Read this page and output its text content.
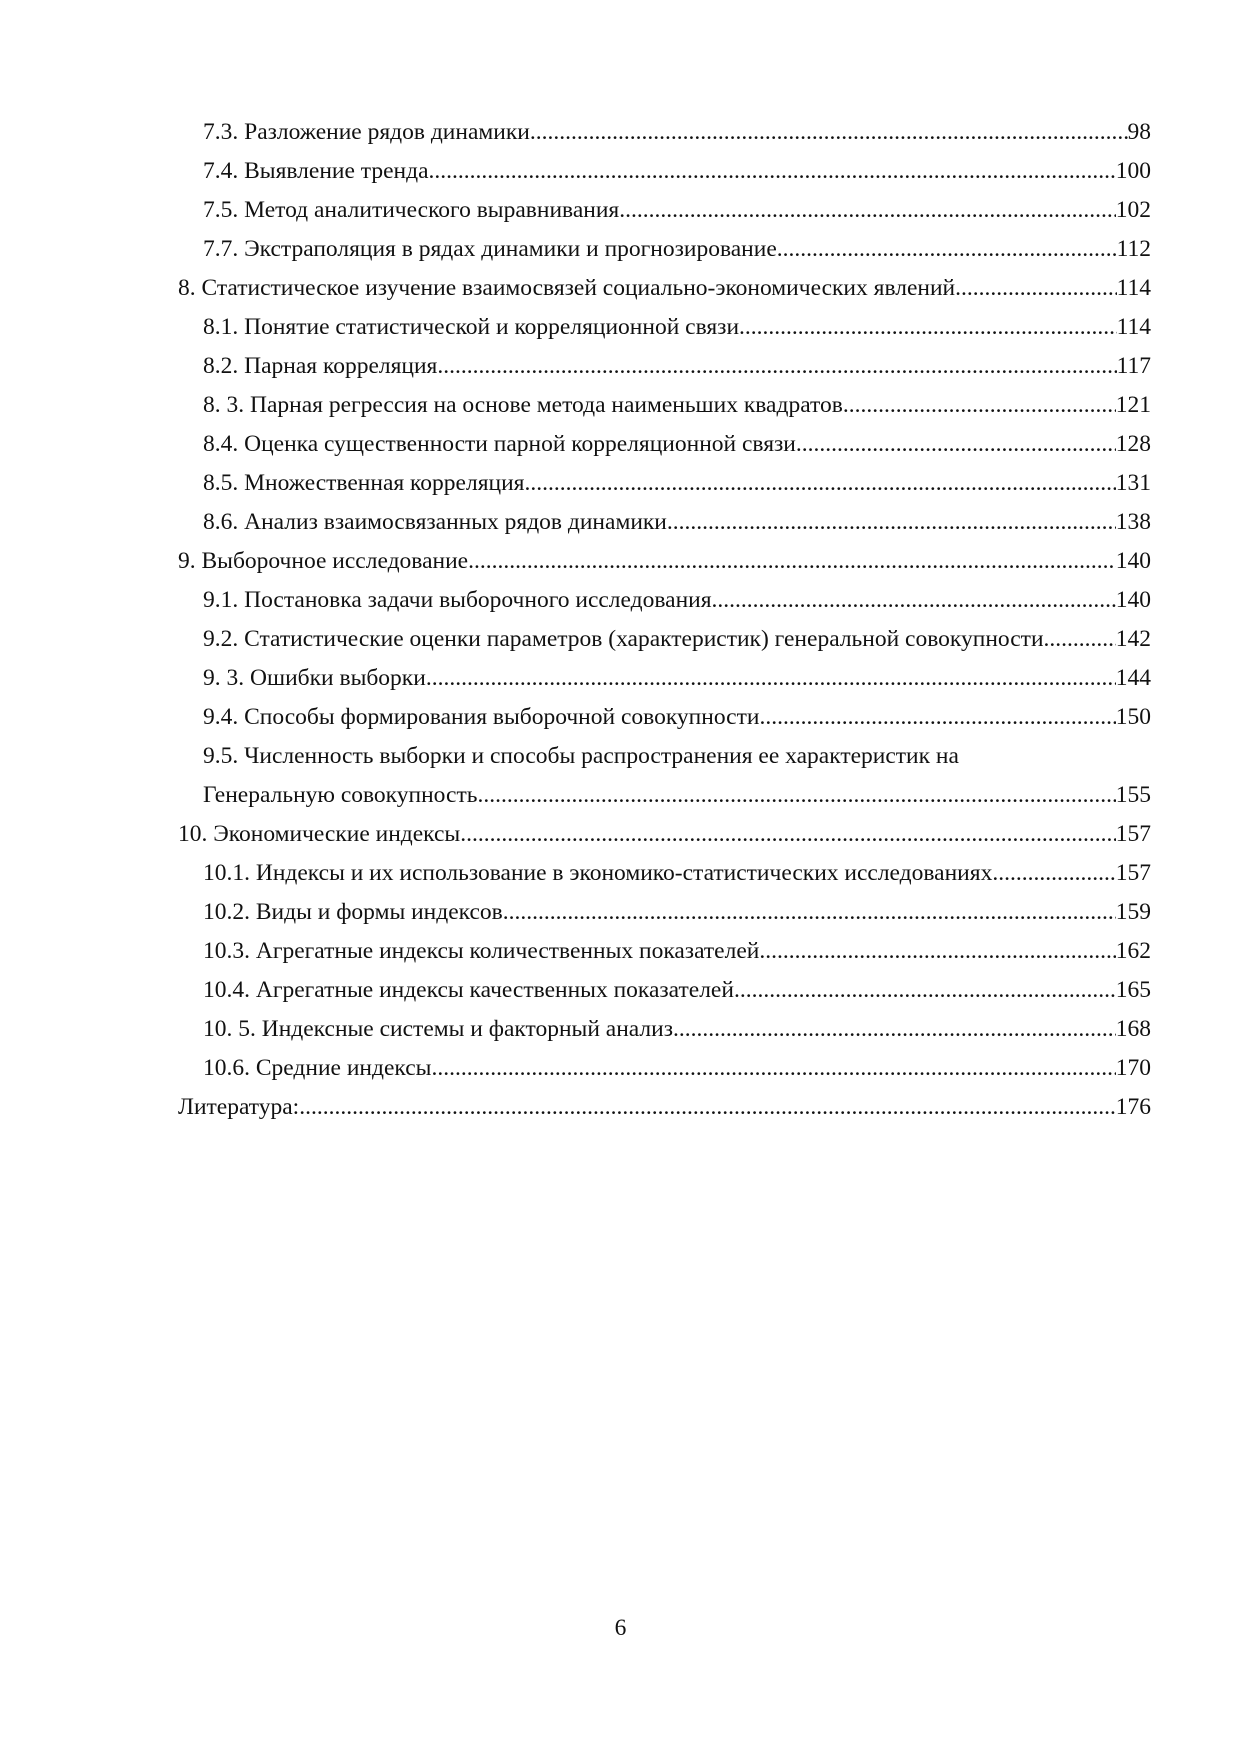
7.3. Разложение рядов динамики .....	98
7.4. Выявление тренда .....	100
7.5. Метод аналитического выравнивания .....	102
7.7. Экстраполяция в рядах динамики и прогнозирование .....	112
8. Статистическое изучение взаимосвязей социально-экономических явлений .....	114
8.1. Понятие статистической и корреляционной связи .....	114
8.2. Парная корреляция .....	117
8. 3. Парная регрессия на основе метода наименьших квадратов .....	121
8.4. Оценка существенности парной корреляционной связи .....	128
8.5. Множественная корреляция .....	131
8.6. Анализ взаимосвязанных рядов динамики .....	138
9. Выборочное исследование .....	140
9.1. Постановка задачи выборочного исследования .....	140
9.2. Статистические оценки параметров (характеристик) генеральной совокупности .....	142
9. 3. Ошибки выборки .....	144
9.4. Способы формирования выборочной совокупности .....	150
9.5. Численность выборки и способы распространения ее характеристик на
Генеральную совокупность .....	155
10. Экономические индексы .....	157
10.1. Индексы и их использование в экономико-статистических исследованиях .....	157
10.2. Виды и формы индексов .....	159
10.3. Агрегатные индексы количественных показателей .....	162
10.4. Агрегатные индексы качественных показателей .....	165
10. 5. Индексные системы и факторный анализ .....	168
10.6. Средние индексы .....	170
Литература: .....	176
6
